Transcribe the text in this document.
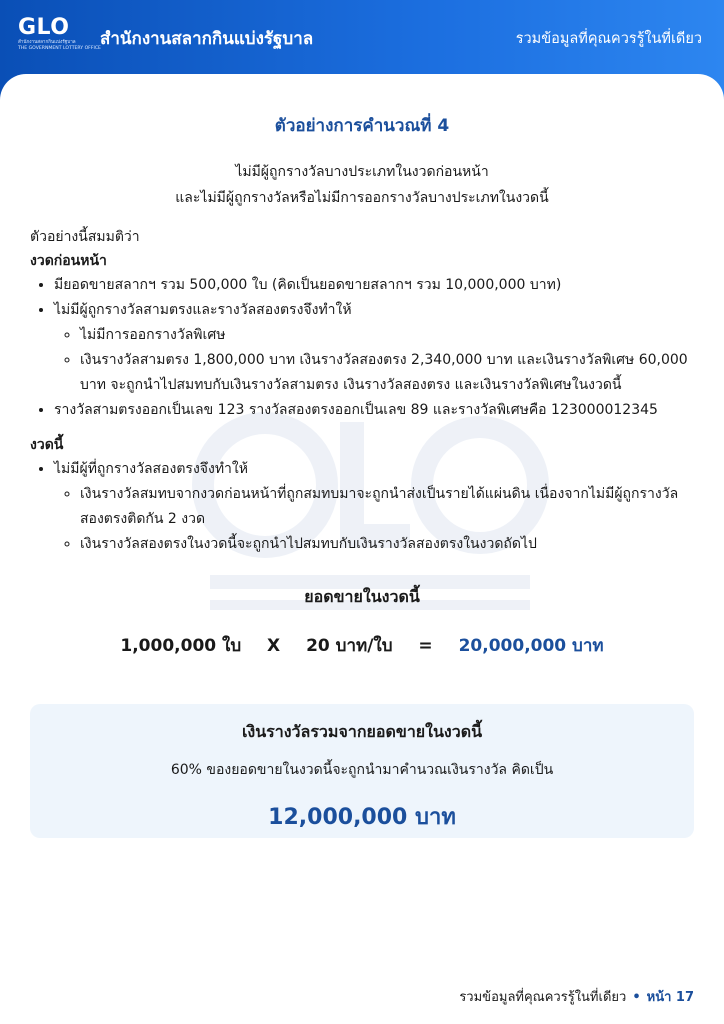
GLO
สำนักงานสลากกินแบ่งรัฐบาล
THE GOVERNMENT LOTTERY OFFICE สำนักงานสลากกินแบ่งรัฐบาล	รวมข้อมูลที่คุณควรรู้ในที่เดียว
ตัวอย่างการคำนวณที่ 4
ไม่มีผู้ถูกรางวัลบางประเภทในงวดก่อนหน้า
และไม่มีผู้ถูกรางวัลหรือไม่มีการออกรางวัลบางประเภทในงวดนี้
ตัวอย่างนี้สมมติว่า
งวดก่อนหน้า
• มียอดขายสลากฯ รวม 500,000 ใบ (คิดเป็นยอดขายสลากฯ รวม 10,000,000 บาท)
• ไม่มีผู้ถูกรางวัลสามตรงและรางวัลสองตรงจึงทำให้
◦ ไม่มีการออกรางวัลพิเศษ
◦ เงินรางวัลสามตรง 1,800,000 บาท เงินรางวัลสองตรง 2,340,000 บาท และเงินรางวัลพิเศษ 60,000 บาท จะถูกนำไปสมทบกับเงินรางวัลสามตรง เงินรางวัลสองตรง และเงินรางวัลพิเศษในงวดนี้
• รางวัลสามตรงออกเป็นเลข 123 รางวัลสองตรงออกเป็นเลข 89 และรางวัลพิเศษคือ 123000012345
งวดนี้
• ไม่มีผู้ที่ถูกรางวัลสองตรงจึงทำให้
◦ เงินรางวัลสมทบจากงวดก่อนหน้าที่ถูกสมทบมาจะถูกนำส่งเป็นรายได้แผ่นดิน เนื่องจากไม่มีผู้ถูกรางวัลสองตรงติดกัน 2 งวด
◦ เงินรางวัลสองตรงในงวดนี้จะถูกนำไปสมทบกับเงินรางวัลสองตรงในงวดถัดไป
ยอดขายในงวดนี้
1,000,000 ใบ X 20 บาท/ใบ = 20,000,000 บาท
เงินรางวัลรวมจากยอดขายในงวดนี้
60% ของยอดขายในงวดนี้จะถูกนำมาคำนวณเงินรางวัล คิดเป็น
12,000,000 บาท
รวมข้อมูลที่คุณควรรู้ในที่เดียว • หน้า 17
